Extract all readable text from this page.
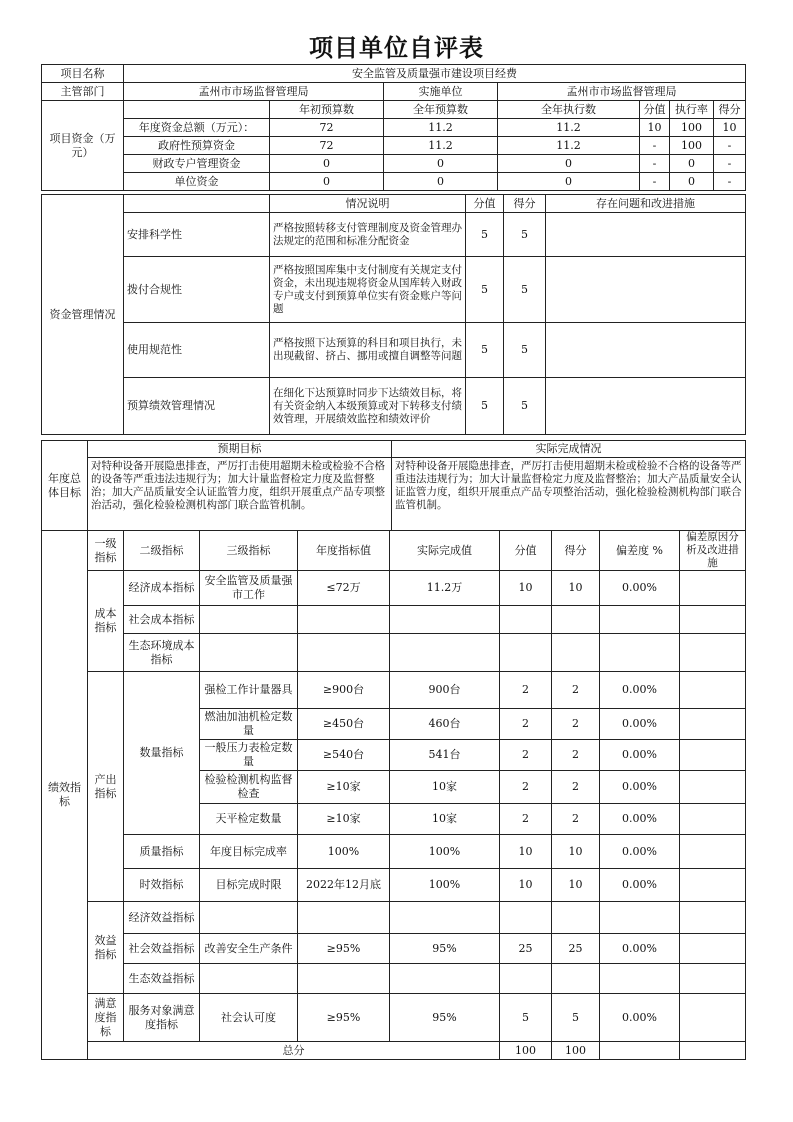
项目单位自评表
项目名称	安全监管及质量强市建设项目经费						
主管部门	孟州市市场监督管理局		实施单位	孟州市市场监督管理局			
项目资金（万元）		年初预算数	全年预算数	全年执行数	分值	执行率	得分
	年度资金总额（万元）：	72	11.2	11.2	10	100	10
	政府性预算资金	72	11.2	11.2	-	100	-
	财政专户管理资金	0	0	0	-	0	-
	单位资金	0	0	0	-	0	-
资金管理情况		情况说明	分值	得分	存在问题和改进措施
	安排科学性	严格按照转移支付管理制度及资金管理办法规定的范围和标准分配资金	5	5	
	拨付合规性	严格按照国库集中支付制度有关规定支付资金，未出现违规将资金从国库转入财政专户或支付到预算单位实有资金账户等问题	5	5	
	使用规范性	严格按照下达预算的科目和项目执行，未出现截留、挤占、挪用或擅自调整等问题	5	5	
	预算绩效管理情况	在细化下达预算时同步下达绩效目标，将有关资金纳入本级预算或对下转移支付绩效管理，开展绩效监控和绩效评价	5	5	
年度总体目标	预期目标	实际完成情况
	对特种设备开展隐患排查，严厉打击使用超期未检或检验不合格的设备等严重违法违规行为；加大计量监督检定力度及监督整治；加大产品质量安全认证监管力度，组织开展重点产品专项整治活动，强化检验检测机构部门联合监管机制。	对特种设备开展隐患排查，严厉打击使用超期未检或检验不合格的设备等严重违法违规行为；加大计量监督检定力度及监督整治；加大产品质量安全认证监管力度，组织开展重点产品专项整治活动，强化检验检测机构部门联合监管机制。
绩效指标	一级指标	二级指标	三级指标	年度指标值	实际完成值	分值	得分	偏差度 %	偏差原因分析及改进措施
	成本指标	经济成本指标	安全监管及质量强市工作	≤72万	11.2万	10	10	0.00%	
		社会成本指标							
		生态环境成本指标							
	产出指标	数量指标	强检工作计量器具	≥900台	900台	2	2	0.00%	
			燃油加油机检定数量	≥450台	460台	2	2	0.00%	
			一般压力表检定数量	≥540台	541台	2	2	0.00%	
			检验检测机构监督检查	≥10家	10家	2	2	0.00%	
			天平检定数量	≥10家	10家	2	2	0.00%	
		质量指标	年度目标完成率	100%	100%	10	10	0.00%	
		时效指标	目标完成时限	2022年12月底	100%	10	10	0.00%	
	效益指标	经济效益指标							
		社会效益指标	改善安全生产条件	≥95%	95%	25	25	0.00%	
		生态效益指标							
	满意度指标	服务对象满意度指标	社会认可度	≥95%	95%	5	5	0.00%	
	总分					100	100		
